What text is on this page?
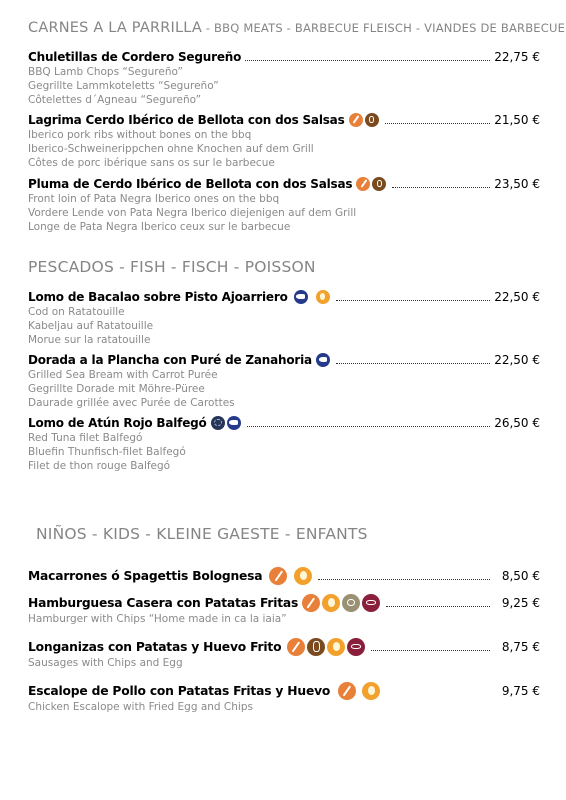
CARNES A LA PARRILLA - BBQ MEATS - BARBECUE FLEISCH - VIANDES DE BARBECUE
Chuletillas de Cordero Segureño	22,75 €
BBQ Lamb Chops “Segureño”
Gegrillte Lammkoteletts “Segureño”
Côtelettes d´Agneau “Segureño”
Lagrima Cerdo Ibérico de Bellota con dos Salsas	21,50 €
Iberico pork ribs without bones on the bbq
Iberico-Schweinerippchen ohne Knochen auf dem Grill
Côtes de porc ibérique sans os sur le barbecue
Pluma de Cerdo Ibérico de Bellota con dos Salsas	23,50 €
Front loin of Pata Negra Iberico ones on the bbq
Vordere Lende von Pata Negra Iberico diejenigen auf dem Grill
Longe de Pata Negra Iberico ceux sur le barbecue
PESCADOS - FISH - FISCH - POISSON
Lomo de Bacalao sobre Pisto Ajoarriero	22,50 €
Cod on Ratatouille
Kabeljau auf Ratatouille
Morue sur la ratatouille
Dorada a la Plancha con Puré de Zanahoria	22,50 €
Grilled Sea Bream with Carrot Purée
Gegrillte Dorade mit Möhre-Püree
Daurade grillée avec Purée de Carottes
Lomo de Atún Rojo Balfegó	26,50 €
Red Tuna filet Balfegó
Bluefin Thunfisch-filet Balfegó
Filet de thon rouge Balfegó
NIÑOS - KIDS - KLEINE GAESTE - ENFANTS
Macarrones ó Spagettis Bolognesa	8,50 €
Hamburguesa Casera con Patatas Fritas	9,25 €
Hamburger with Chips “Home made in ca la iaia”
Longanizas con Patatas y Huevo Frito	8,75 €
Sausages with Chips and Egg
Escalope de Pollo con Patatas Fritas y Huevo	9,75 €
Chicken Escalope with Fried Egg and Chips
